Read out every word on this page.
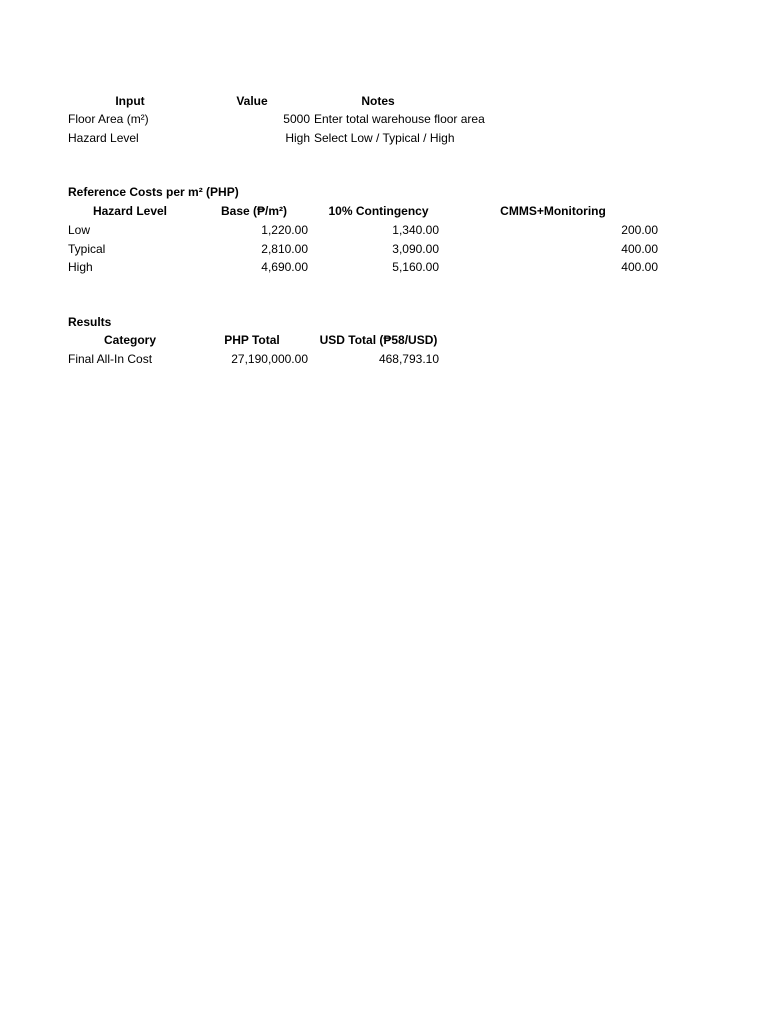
Input	Value	Notes
Floor Area (m²)	5000 Enter total warehouse floor area
Hazard Level	High Select Low / Typical / High
Reference Costs per m² (PHP)
Hazard Level	Base (₱/m²)	10% Contingency	CMMS+Monitoring
Low	1,220.00	1,340.00	200.00
Typical	2,810.00	3,090.00	400.00
High	4,690.00	5,160.00	400.00
Results
Category	PHP Total	USD Total (₱58/USD)
Final All-In Cost	27,190,000.00	468,793.10
